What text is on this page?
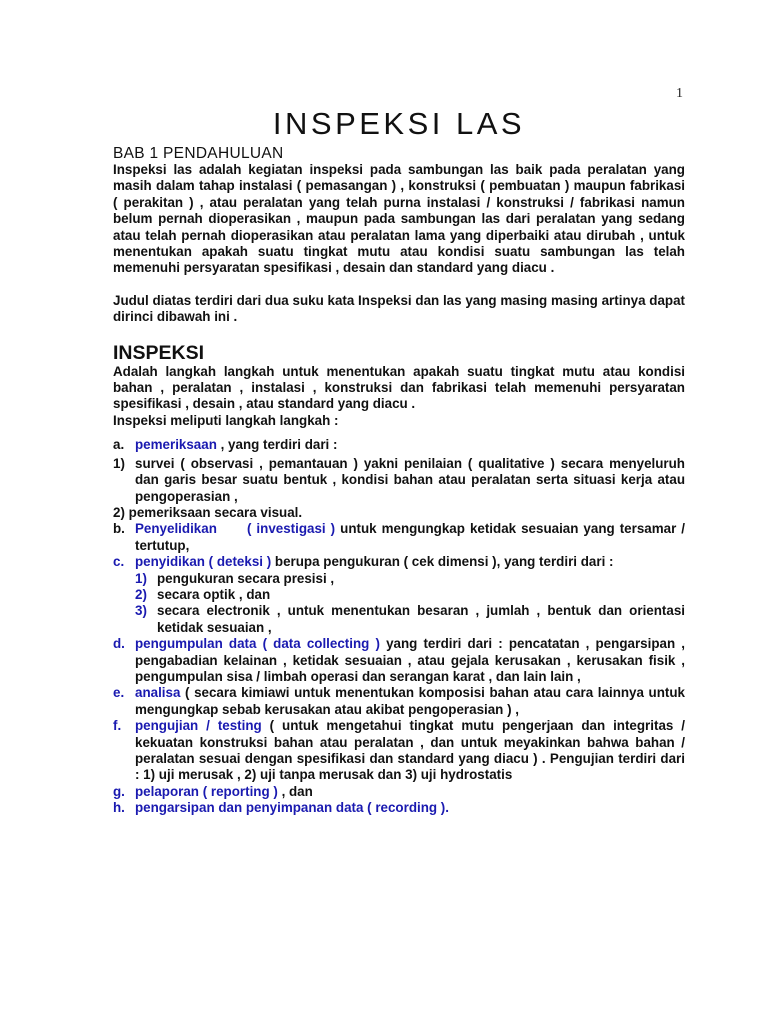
1
INSPEKSI LAS

BAB 1 PENDAHULUAN

Inspeksi las adalah kegiatan inspeksi pada sambungan las baik pada peralatan yang masih dalam tahap instalasi ( pemasangan ) , konstruksi ( pembuatan ) maupun fabrikasi ( perakitan ) , atau peralatan yang telah purna instalasi / konstruksi / fabrikasi namun belum pernah dioperasikan , maupun pada sambungan las dari peralatan yang sedang atau telah pernah dioperasikan atau peralatan lama yang diperbaiki atau dirubah , untuk menentukan apakah suatu tingkat mutu atau kondisi suatu sambungan las telah memenuhi persyaratan spesifikasi , desain dan standard yang diacu .

Judul diatas terdiri dari dua suku kata Inspeksi dan las yang masing masing artinya dapat dirinci dibawah ini .

INSPEKSI

Adalah langkah langkah untuk menentukan apakah suatu tingkat mutu atau kondisi bahan , peralatan , instalasi , konstruksi dan fabrikasi telah memenuhi persyaratan spesifikasi , desain , atau standard yang diacu .

Inspeksi meliputi langkah langkah :

a. pemeriksaan , yang terdiri dari :
1) survei ( observasi , pemantauan ) yakni penilaian ( qualitative ) secara menyeluruh dan garis besar suatu bentuk , kondisi bahan atau peralatan serta situasi kerja atau pengoperasian ,
2) pemeriksaan secara visual.
b. Penyelidikan      ( investigasi ) untuk mengungkap ketidak sesuaian yang tersamar / tertutup,
c. penyidikan ( deteksi ) berupa pengukuran ( cek dimensi ), yang terdiri dari :
1) pengukuran secara presisi ,
2) secara optik , dan
3) secara electronik , untuk menentukan besaran , jumlah , bentuk dan orientasi ketidak sesuaian ,
d. pengumpulan data ( data collecting ) yang terdiri dari : pencatatan , pengarsipan , pengabadian kelainan , ketidak sesuaian , atau gejala kerusakan , kerusakan fisik , pengumpulan sisa / limbah operasi dan serangan karat , dan lain lain ,
e. analisa ( secara kimiawi untuk menentukan komposisi bahan atau cara lainnya untuk mengungkap sebab kerusakan atau akibat pengoperasian ) ,
f.	pengujian / testing ( untuk mengetahui tingkat mutu pengerjaan dan integritas / kekuatan konstruksi bahan atau peralatan , dan untuk meyakinkan bahwa bahan / peralatan sesuai dengan spesifikasi dan standard yang diacu ) . Pengujian terdiri dari : 1) uji merusak , 2) uji tanpa merusak dan 3) uji hydrostatis
g. pelaporan ( reporting ) , dan
h. pengarsipan dan penyimpanan data ( recording ).
